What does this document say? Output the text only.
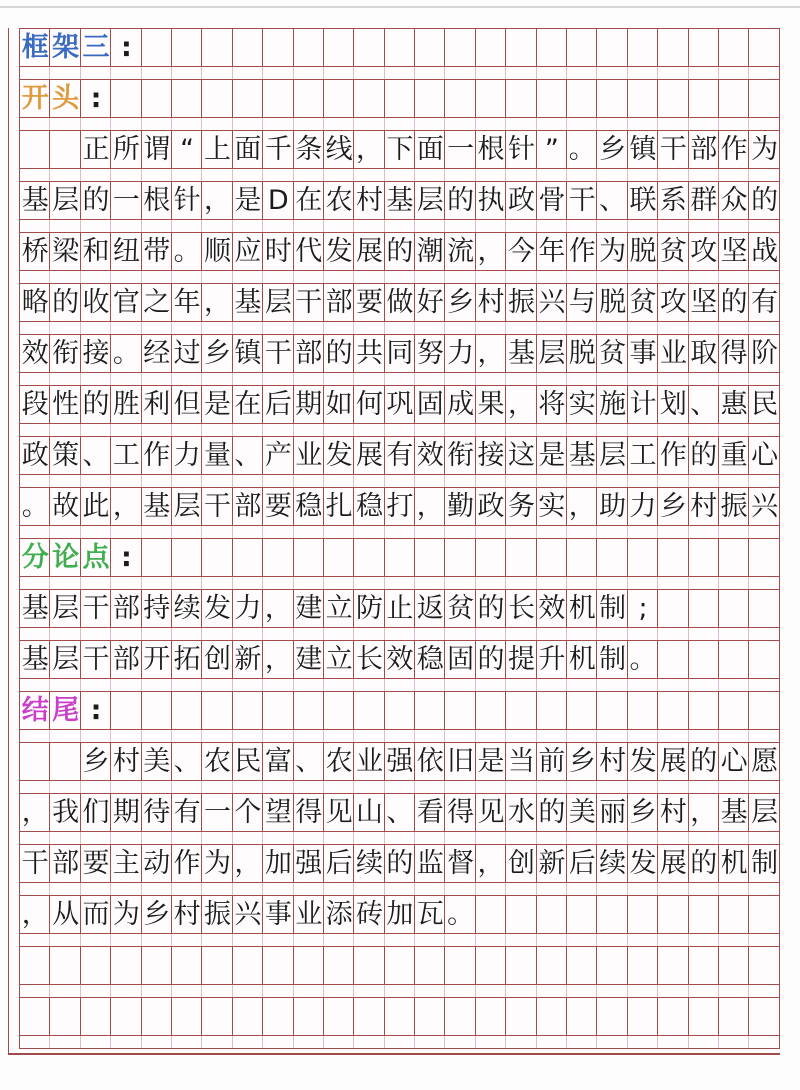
框 架 三 :
开 头 :
正 所 谓 “ 上 面 千 条 线 ， 下 面 一 根 针 ” 。 乡 镇 干 部 作 为
基 层 的 一 根 针 ， 是 D 在 农 村 基 层 的 执 政 骨 干 、 联 系 群 众 的
桥 梁 和 纽 带 。 顺 应 时 代 发 展 的 潮 流 ， 今 年 作 为 脱 贫 攻 坚 战
略 的 收 官 之 年 ， 基 层 干 部 要 做 好 乡 村 振 兴 与 脱 贫 攻 坚 的 有
效 衔 接 。 经 过 乡 镇 干 部 的 共 同 努 力 ， 基 层 脱 贫 事 业 取 得 阶
段 性 的 胜 利 但 是 在 后 期 如 何 巩 固 成 果 ， 将 实 施 计 划 、 惠 民
政 策 、 工 作 力 量 、 产 业 发 展 有 效 衔 接 这 是 基 层 工 作 的 重 心
。 故 此 ， 基 层 干 部 要 稳 扎 稳 打 ， 勤 政 务 实 ， 助 力 乡 村 振 兴
分 论 点 :
基 层 干 部 持 续 发 力 ， 建 立 防 止 返 贫 的 长 效 机 制 ;
基 层 干 部 开 拓 创 新 ， 建 立 长 效 稳 固 的 提 升 机 制 。
结 尾 :
乡 村 美 、 农 民 富 、 农 业 强 依 旧 是 当 前 乡 村 发 展 的 心 愿
， 我 们 期 待 有 一 个 望 得 见 山 、 看 得 见 水 的 美 丽 乡 村 ， 基 层
干 部 要 主 动 作 为 ， 加 强 后 续 的 监 督 ， 创 新 后 续 发 展 的 机 制
， 从 而 为 乡 村 振 兴 事 业 添 砖 加 瓦 。
